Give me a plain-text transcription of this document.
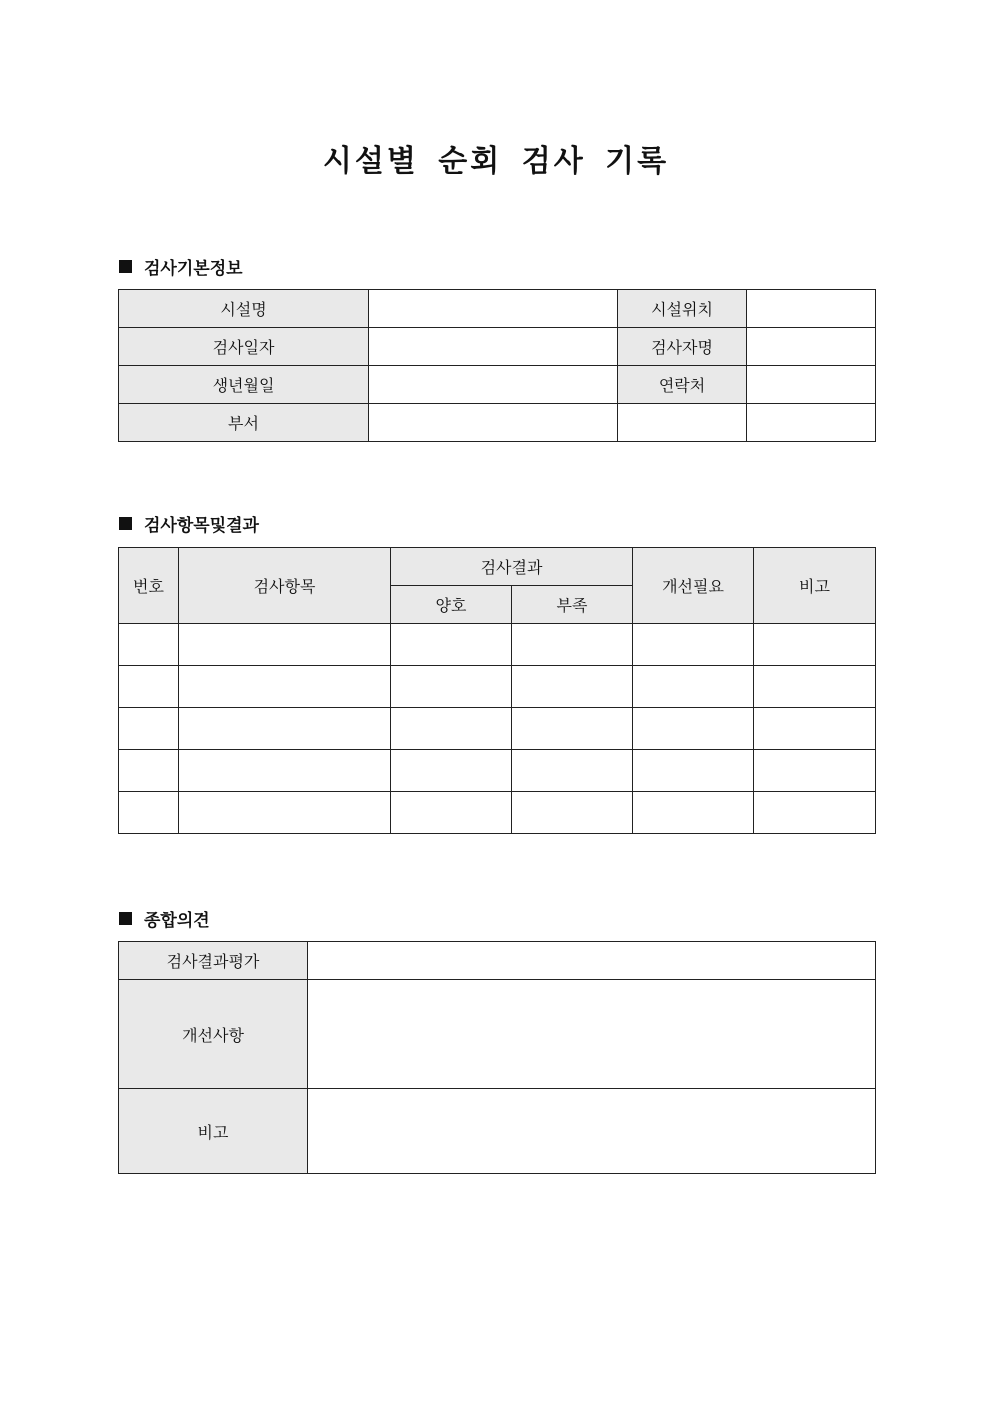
시설별 순회 검사 기록
검사기본정보
시설명		시설위치	
검사일자		검사자명	
생년월일		연락처	
부서			
검사항목및결과
번호	검사항목	검사결과		개선필요	비고
		양호	부족		

종합의견
검사결과평가	
개선사항	
비고	
